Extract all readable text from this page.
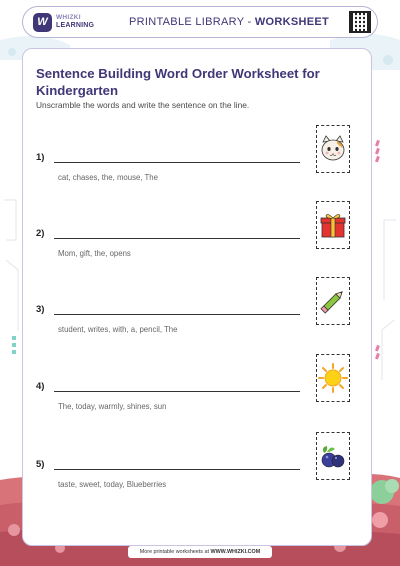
W	WHIZKI
LEARNING	PRINTABLE LIBRARY - WORKSHEET
Sentence Building Word Order Worksheet for Kindergarten
Unscramble the words and write the sentence on the line.
1)
cat, chases, the, mouse, The
2)
Mom, gift, the, opens
3)
student, writes, with, a, pencil, The
4)
The, today, warmly, shines, sun
5)
taste, sweet, today, Blueberries
More printable worksheets at WWW.WHIZKI.COM
